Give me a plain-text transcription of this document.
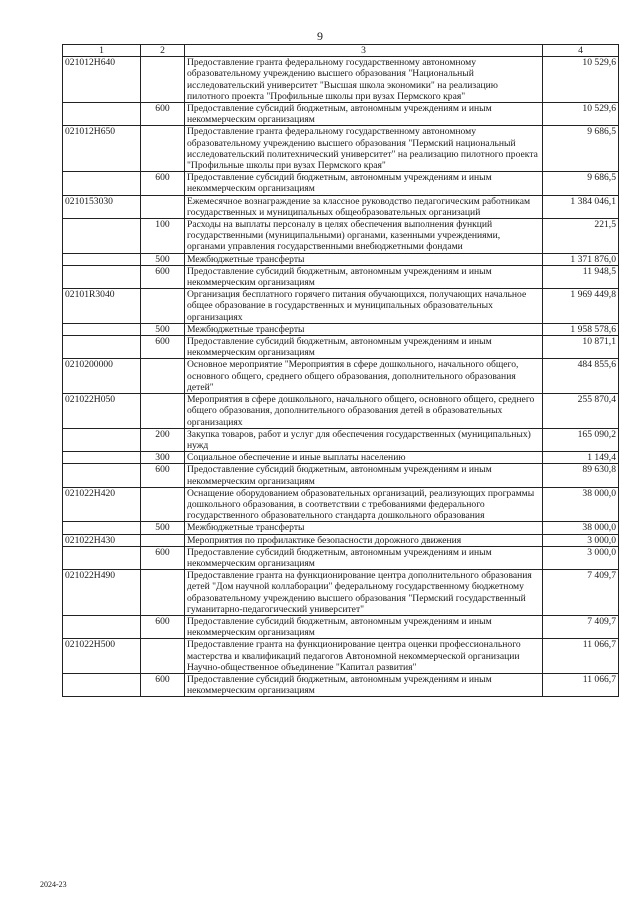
9
1	2	3	4
021012Н640		Предоставление гранта федеральному государственному автономному образовательному учреждению высшего образования "Национальный исследовательский университет "Высшая школа экономики" на реализацию пилотного проекта "Профильные школы при вузах Пермского края"	10 529,6
	600	Предоставление субсидий бюджетным, автономным учреждениям и иным некоммерческим организациям	10 529,6
021012Н650		Предоставление гранта федеральному государственному автономному образовательному учреждению высшего образования "Пермский национальный исследовательский политехнический университет" на реализацию пилотного проекта "Профильные школы при вузах Пермского края"	9 686,5
	600	Предоставление субсидий бюджетным, автономным учреждениям и иным некоммерческим организациям	9 686,5
0210153030		Ежемесячное вознаграждение за классное руководство педагогическим работникам государственных и муниципальных общеобразовательных организаций	1 384 046,1
	100	Расходы на выплаты персоналу в целях обеспечения выполнения функций государственными (муниципальными) органами, казенными учреждениями, органами управления государственными внебюджетными фондами	221,5
	500	Межбюджетные трансферты	1 371 876,0
	600	Предоставление субсидий бюджетным, автономным учреждениям и иным некоммерческим организациям	11 948,5
02101R3040		Организация бесплатного горячего питания обучающихся, получающих начальное общее образование в государственных и муниципальных образовательных организациях	1 969 449,8
	500	Межбюджетные трансферты	1 958 578,6
	600	Предоставление субсидий бюджетным, автономным учреждениям и иным некоммерческим организациям	10 871,1
0210200000		Основное мероприятие "Мероприятия в сфере дошкольного, начального общего, основного общего, среднего общего образования, дополнительного образования детей"	484 855,6
021022Н050		Мероприятия в сфере дошкольного, начального общего, основного общего, среднего общего образования, дополнительного образования детей в образовательных организациях	255 870,4
	200	Закупка товаров, работ и услуг для обеспечения государственных (муниципальных) нужд	165 090,2
	300	Социальное обеспечение и иные выплаты населению	1 149,4
	600	Предоставление субсидий бюджетным, автономным учреждениям и иным некоммерческим организациям	89 630,8
021022Н420		Оснащение оборудованием образовательных организаций, реализующих программы дошкольного образования, в соответствии с требованиями федерального государственного образовательного стандарта дошкольного образования	38 000,0
	500	Межбюджетные трансферты	38 000,0
021022Н430		Мероприятия по профилактике безопасности дорожного движения	3 000,0
	600	Предоставление субсидий бюджетным, автономным учреждениям и иным некоммерческим организациям	3 000,0
021022Н490		Предоставление гранта на функционирование центра дополнительного образования детей "Дом научной коллаборации" федеральному государственному бюджетному образовательному учреждению высшего образования "Пермский государственный гуманитарно-педагогический университет"	7 409,7
	600	Предоставление субсидий бюджетным, автономным учреждениям и иным некоммерческим организациям	7 409,7
021022Н500		Предоставление гранта на функционирование центра оценки профессионального мастерства и квалификаций педагогов Автономной некоммерческой организации Научно-общественное объединение "Капитал развития"	11 066,7
	600	Предоставление субсидий бюджетным, автономным учреждениям и иным некоммерческим организациям	11 066,7
2024-23
